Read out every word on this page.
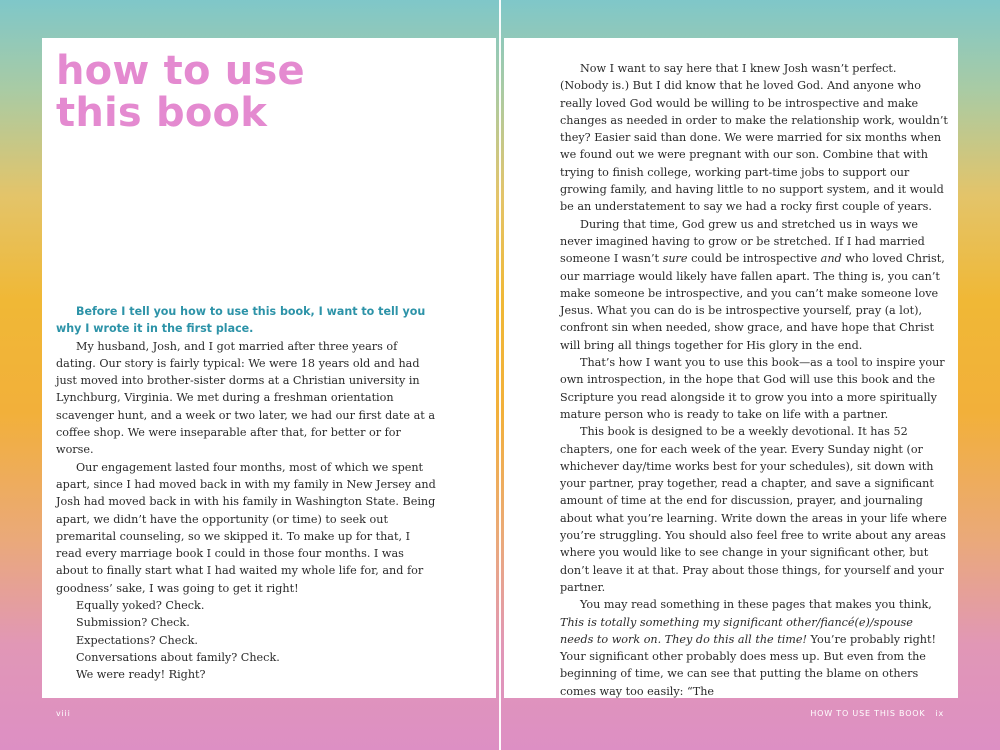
how to use
this book

Before I tell you how to use this book, I want to tell you why I wrote it in the first place.

My husband, Josh, and I got married after three years of dating. Our story is fairly typical: We were 18 years old and had just moved into brother-sister dorms at a Christian university in Lynchburg, Virginia. We met during a freshman orientation scavenger hunt, and a week or two later, we had our first date at a coffee shop. We were inseparable after that, for better or for worse.

Our engagement lasted four months, most of which we spent apart, since I had moved back in with my family in New Jersey and Josh had moved back in with his family in Washington State. Being apart, we didn’t have the opportunity (or time) to seek out premarital counseling, so we skipped it. To make up for that, I read every marriage book I could in those four months. I was about to finally start what I had waited my whole life for, and for goodness’ sake, I was going to get it right!

Equally yoked? Check.

Submission? Check.

Expectations? Check.

Conversations about family? Check.

We were ready! Right?

viii

Now I want to say here that I knew Josh wasn’t perfect. (Nobody is.) But I did know that he loved God. And anyone who really loved God would be willing to be introspective and make changes as needed in order to make the relationship work, wouldn’t they? Easier said than done. We were married for six months when we found out we were pregnant with our son. Combine that with trying to finish college, working part-time jobs to support our growing family, and having little to no support system, and it would be an understatement to say we had a rocky first couple of years.

During that time, God grew us and stretched us in ways we never imagined having to grow or be stretched. If I had married someone I wasn’t sure could be introspective and who loved Christ, our marriage would likely have fallen apart. The thing is, you can’t make someone be introspective, and you can’t make someone love Jesus. What you can do is be introspective yourself, pray (a lot), confront sin when needed, show grace, and have hope that Christ will bring all things together for His glory in the end.

That’s how I want you to use this book—as a tool to inspire your own introspection, in the hope that God will use this book and the Scripture you read alongside it to grow you into a more spiritually mature person who is ready to take on life with a partner.

This book is designed to be a weekly devotional. It has 52 chapters, one for each week of the year. Every Sunday night (or whichever day/time works best for your schedules), sit down with your partner, pray together, read a chapter, and save a significant amount of time at the end for discussion, prayer, and journaling about what you’re learning. Write down the areas in your life where you’re struggling. You should also feel free to write about any areas where you would like to see change in your significant other, but don’t leave it at that. Pray about those things, for yourself and your partner.

You may read something in these pages that makes you think, This is totally something my significant other/fiancé(e)/spouse needs to work on. They do this all the time! You’re probably right! Your significant other probably does mess up. But even from the beginning of time, we can see that putting the blame on others comes way too easily: “The

HOW TO USE THIS BOOK ix
